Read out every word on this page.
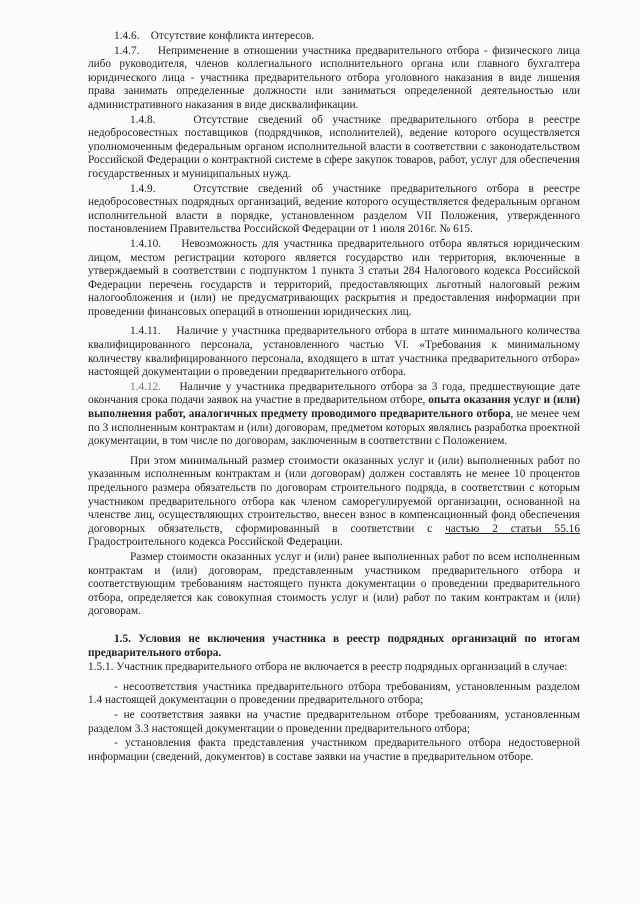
1.4.6. Отсутствие конфликта интересов.

1.4.7. Неприменение в отношении участника предварительного отбора - физического лица либо руководителя, членов коллегиального исполнительного органа или главного бухгалтера юридического лица - участника предварительного отбора уголовного наказания в виде лишения права занимать определенные должности или заниматься определенной деятельностью или административного наказания в виде дисквалификации.

1.4.8.	Отсутствие сведений об участнике предварительного отбора в реестре недобросовестных поставщиков (подрядчиков, исполнителей), ведение которого осуществляется уполномоченным федеральным органом исполнительной власти в соответствии с законодательством Российской Федерации о контрактной системе в сфере закупок товаров, работ, услуг для обеспечения государственных и муниципальных нужд.

1.4.9.	Отсутствие сведений об участнике предварительного отбора в реестре недобросовестных подрядных организаций, ведение которого осуществляется федеральным органом исполнительной власти в порядке, установленном разделом VII Положения, утвержденного постановлением Правительства Российской Федерации от 1 июля 2016г. № 615.

1.4.10. Невозможность для участника предварительного отбора являться юридическим лицом, местом регистрации которого является государство или территория, включенные в утверждаемый в соответствии с подпунктом 1 пункта 3 статьи 284 Налогового кодекса Российской Федерации перечень государств и территорий, предоставляющих льготный налоговый режим налогообложения и (или) не предусматривающих раскрытия и предоставления информации при проведении финансовых операций в отношении юридических лиц.

1.4.11. Наличие у участника предварительного отбора в штате минимального количества квалифицированного персонала, установленного частью VI. «Требования к минимальному количеству квалифицированного персонала, входящего в штат участника предварительного отбора» настоящей документации о проведении предварительного отбора.

1.4.12. Наличие у участника предварительного отбора за 3 года, предшествующие дате окончания срока подачи заявок на участие в предварительном отборе, опыта оказания услуг и (или) выполнения работ, аналогичных предмету проводимого предварительного отбора, не менее чем по 3 исполненным контрактам и (или) договорам, предметом которых являлись разработка проектной документации, в том числе по договорам, заключенным в соответствии с Положением.

При этом минимальный размер стоимости оказанных услуг и (или) выполненных работ по указанным исполненным контрактам и (или договорам) должен составлять не менее 10 процентов предельного размера обязательств по договорам строительного подряда, в соответствии с которым участником предварительного отбора как членом саморегулируемой организации, основанной на членстве лиц, осуществляющих строительство, внесен взнос в компенсационный фонд обеспечения договорных обязательств, сформированный в соответствии с частью 2 статьи 55.16 Градостроительного кодекса Российской Федерации.

Размер стоимости оказанных услуг и (или) ранее выполненных работ по всем исполненным контрактам и (или) договорам, представленным участником предварительного отбора и соответствующим требованиям настоящего пункта документации о проведении предварительного отбора, определяется как совокупная стоимость услуг и (или) работ по таким контрактам и (или) договорам.

1.5. Условия не включения участника в реестр подрядных организаций по итогам предварительного отбора.

1.5.1. Участник предварительного отбора не включается в реестр подрядных организаций в случае:

- несоответствия участника предварительного отбора требованиям, установленным разделом 1.4 настоящей документации о проведении предварительного отбора;

- не соответствия заявки на участие предварительном отборе требованиям, установленным разделом 3.3 настоящей документации о проведении предварительного отбора;

- установления факта представления участником предварительного отбора недостоверной информации (сведений, документов) в составе заявки на участие в предварительном отборе.
